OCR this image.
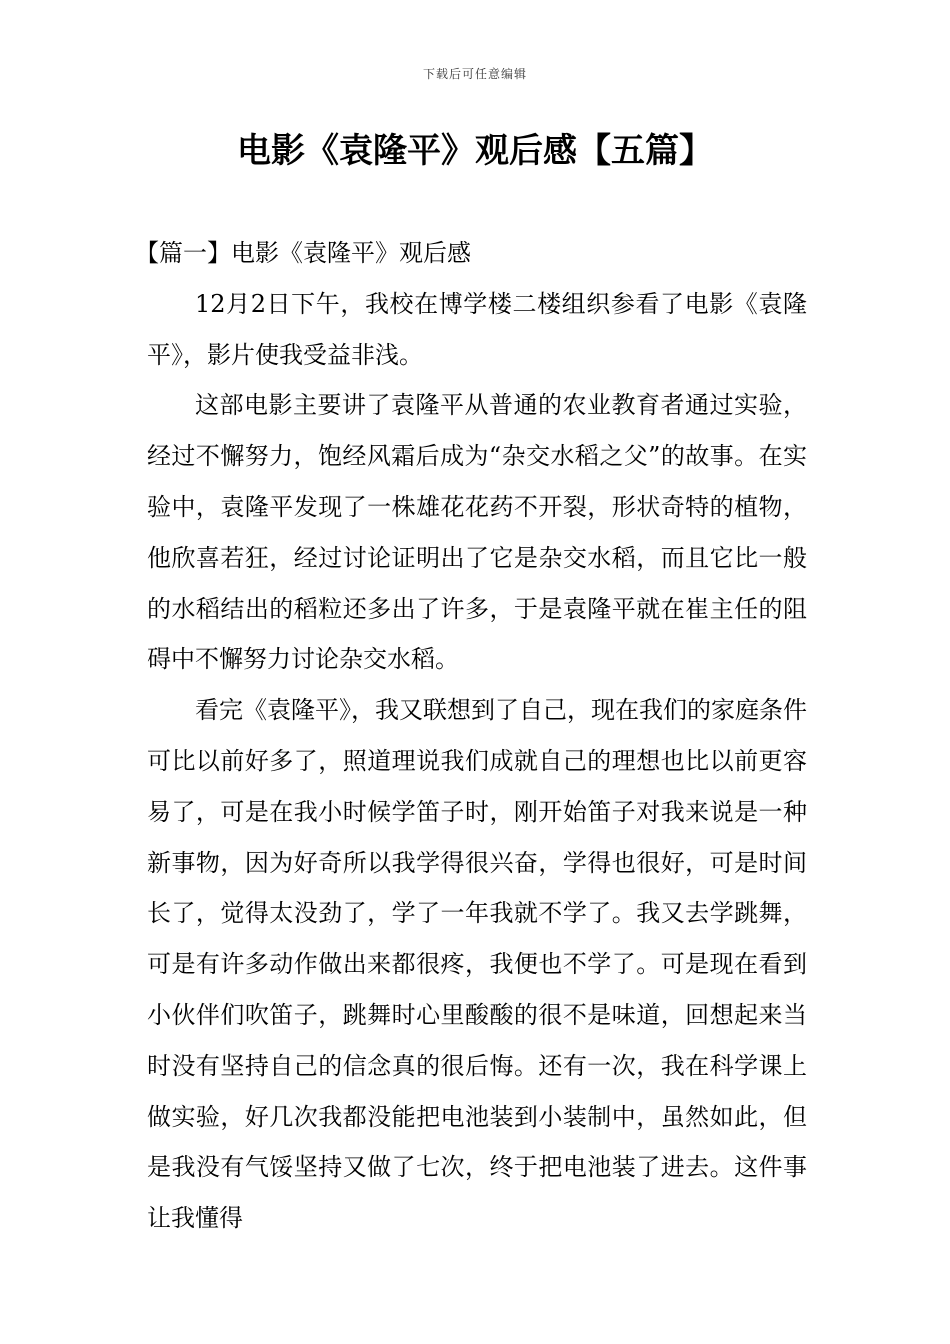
下载后可任意编辑
电影《袁隆平》观后感【五篇】
【篇一】电影《袁隆平》观后感

12月2日下午，我校在博学楼二楼组织参看了电影《袁隆平》，影片使我受益非浅。

这部电影主要讲了袁隆平从普通的农业教育者通过实验，经过不懈努力，饱经风霜后成为“杂交水稻之父”的故事。在实验中，袁隆平发现了一株雄花花药不开裂，形状奇特的植物，他欣喜若狂，经过讨论证明出了它是杂交水稻，而且它比一般的水稻结出的稻粒还多出了许多，于是袁隆平就在崔主任的阻碍中不懈努力讨论杂交水稻。

看完《袁隆平》，我又联想到了自己，现在我们的家庭条件可比以前好多了，照道理说我们成就自己的理想也比以前更容易了，可是在我小时候学笛子时，刚开始笛子对我来说是一种新事物，因为好奇所以我学得很兴奋，学得也很好，可是时间长了，觉得太没劲了，学了一年我就不学了。我又去学跳舞，可是有许多动作做出来都很疼，我便也不学了。可是现在看到小伙伴们吹笛子，跳舞时心里酸酸的很不是味道，回想起来当时没有坚持自己的信念真的很后悔。还有一次，我在科学课上做实验，好几次我都没能把电池装到小装制中，虽然如此，但是我没有气馁坚持又做了七次，终于把电池装了进去。这件事让我懂得
